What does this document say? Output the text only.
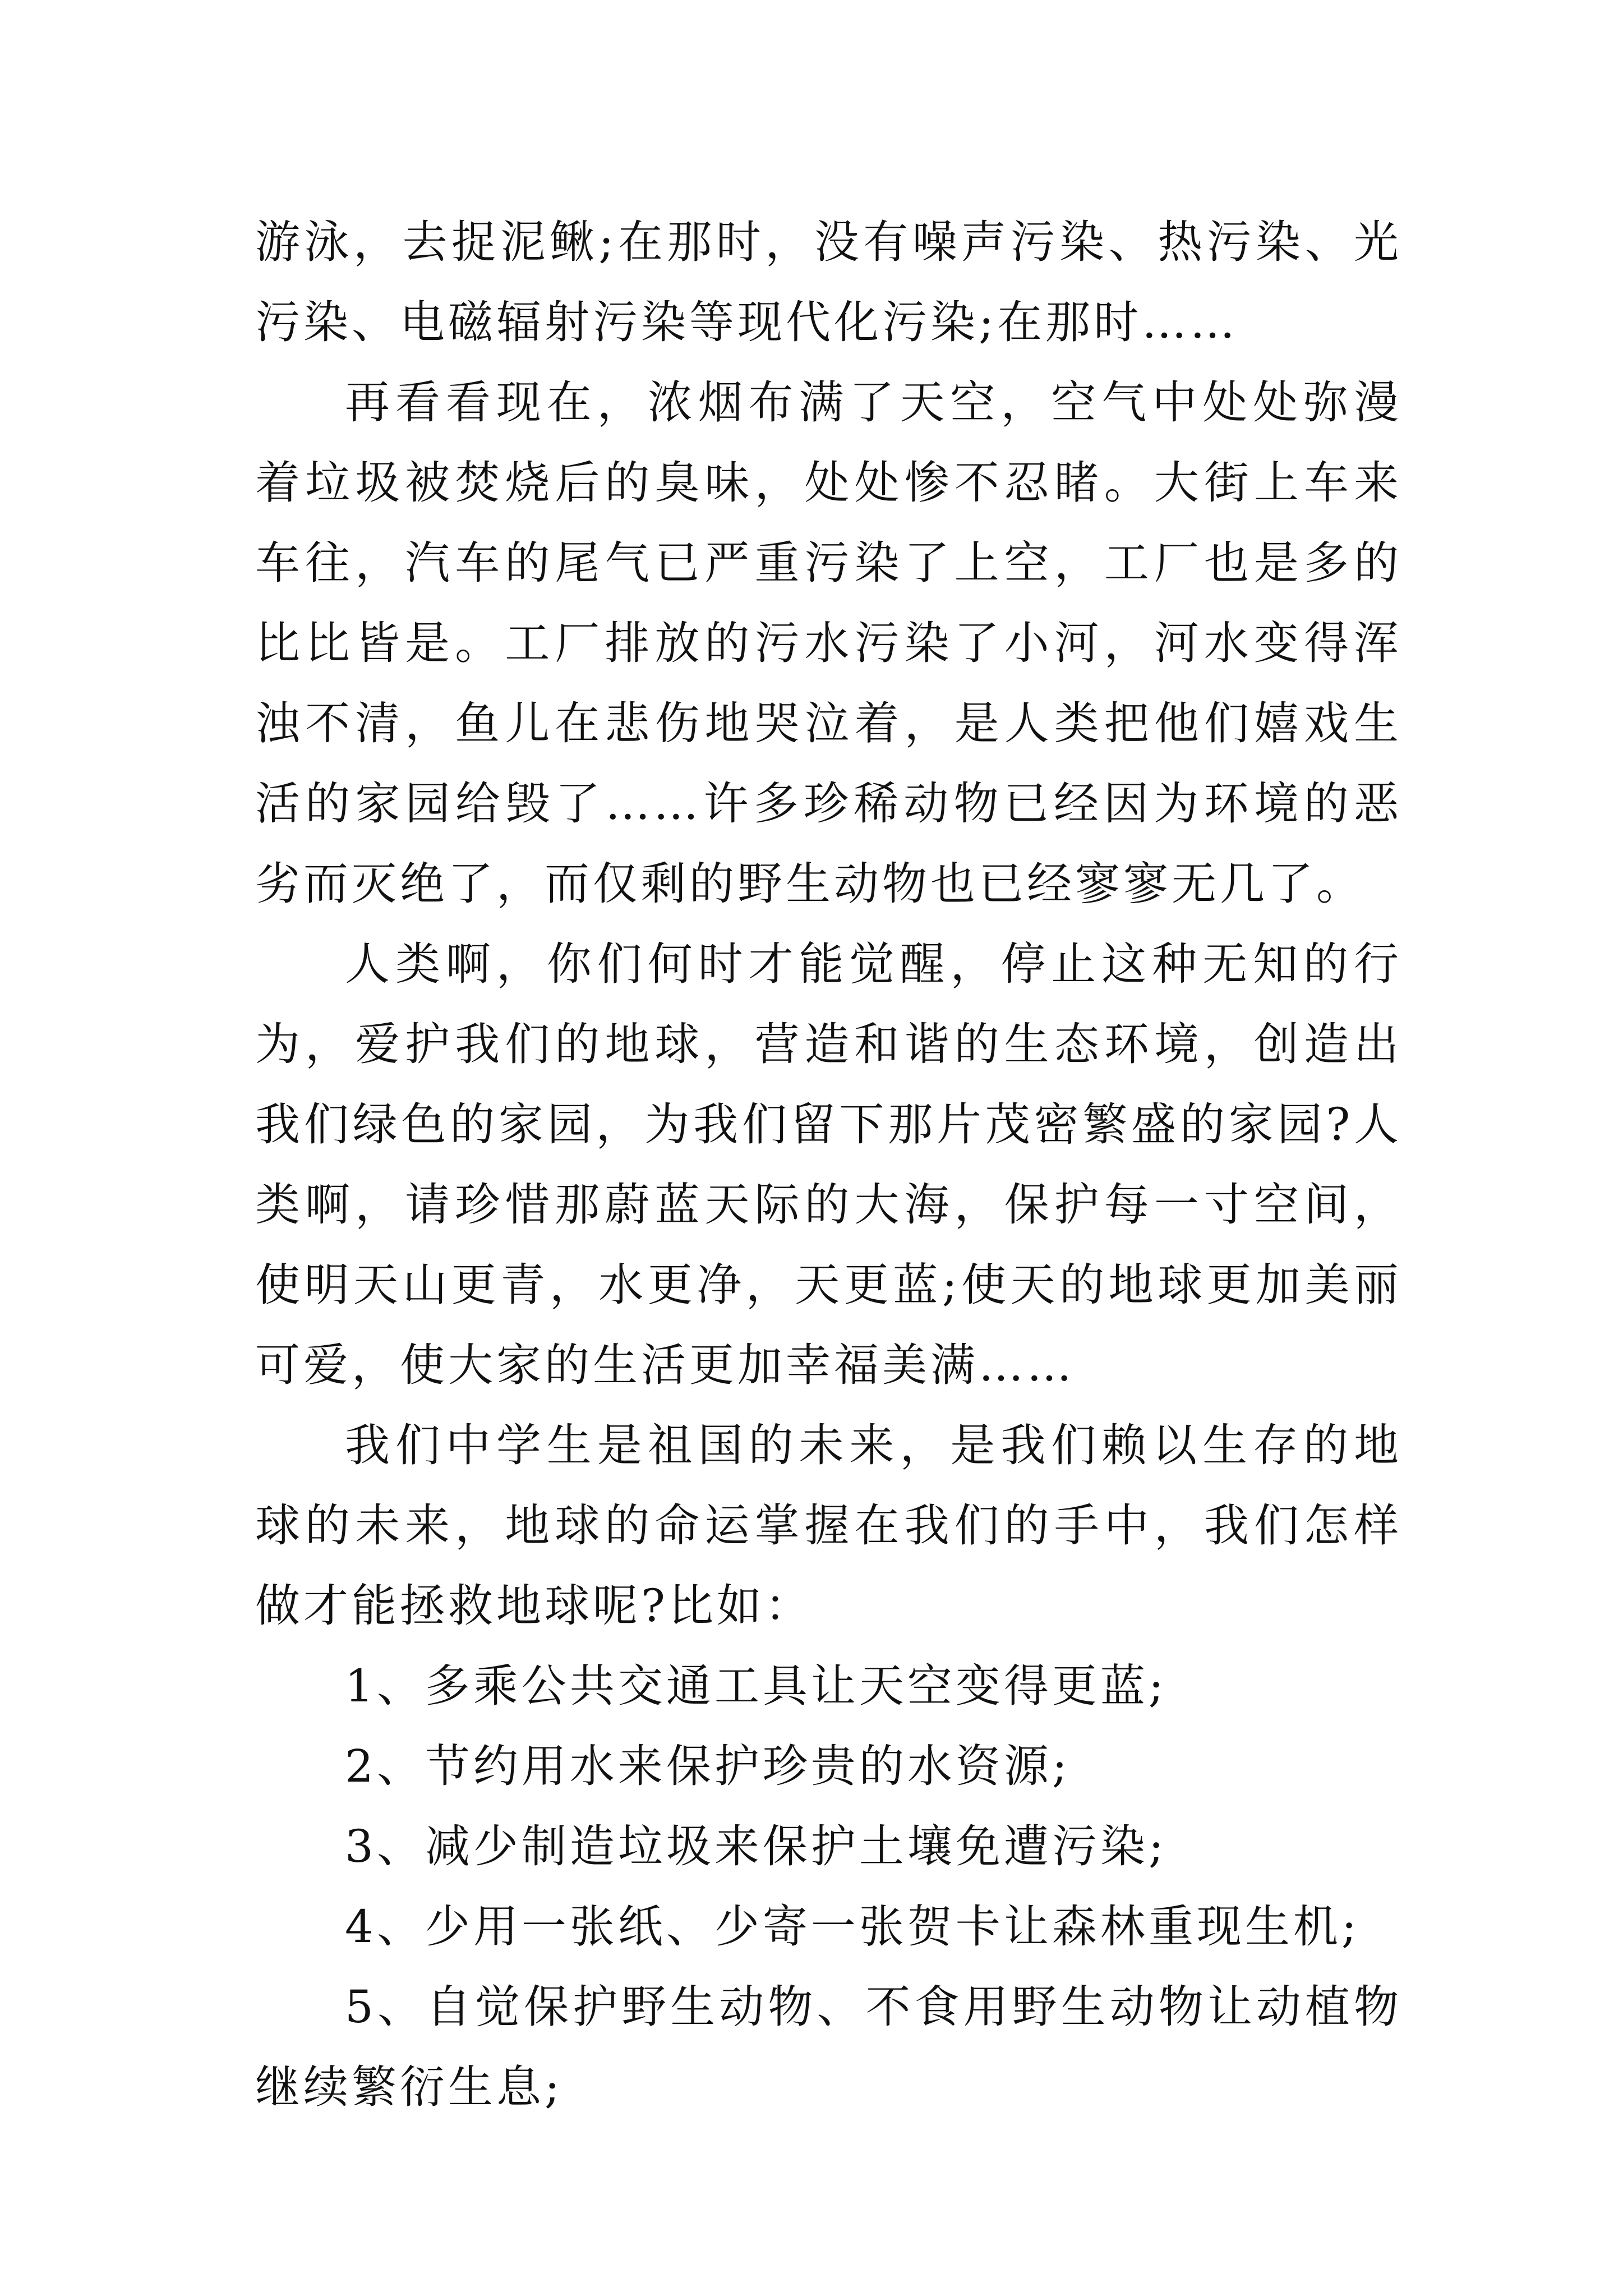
游泳，去捉泥鳅;在那时，没有噪声污染、热污染、光污染、电磁辐射污染等现代化污染;在那时……

再看看现在，浓烟布满了天空，空气中处处弥漫着垃圾被焚烧后的臭味，处处惨不忍睹。大街上车来车往，汽车的尾气已严重污染了上空，工厂也是多的比比皆是。工厂排放的污水污染了小河，河水变得浑浊不清，鱼儿在悲伤地哭泣着，是人类把他们嬉戏生活的家园给毁了……许多珍稀动物已经因为环境的恶劣而灭绝了，而仅剩的野生动物也已经寥寥无几了。

人类啊，你们何时才能觉醒，停止这种无知的行为，爱护我们的地球，营造和谐的生态环境，创造出我们绿色的家园，为我们留下那片茂密繁盛的家园?人类啊，请珍惜那蔚蓝天际的大海，保护每一寸空间，使明天山更青，水更净，天更蓝;使天的地球更加美丽可爱，使大家的生活更加幸福美满……

我们中学生是祖国的未来，是我们赖以生存的地球的未来，地球的命运掌握在我们的手中，我们怎样做才能拯救地球呢?比如：

1、多乘公共交通工具让天空变得更蓝;

2、节约用水来保护珍贵的水资源;

3、减少制造垃圾来保护土壤免遭污染;

4、少用一张纸、少寄一张贺卡让森林重现生机;

5、自觉保护野生动物、不食用野生动物让动植物继续繁衍生息;
